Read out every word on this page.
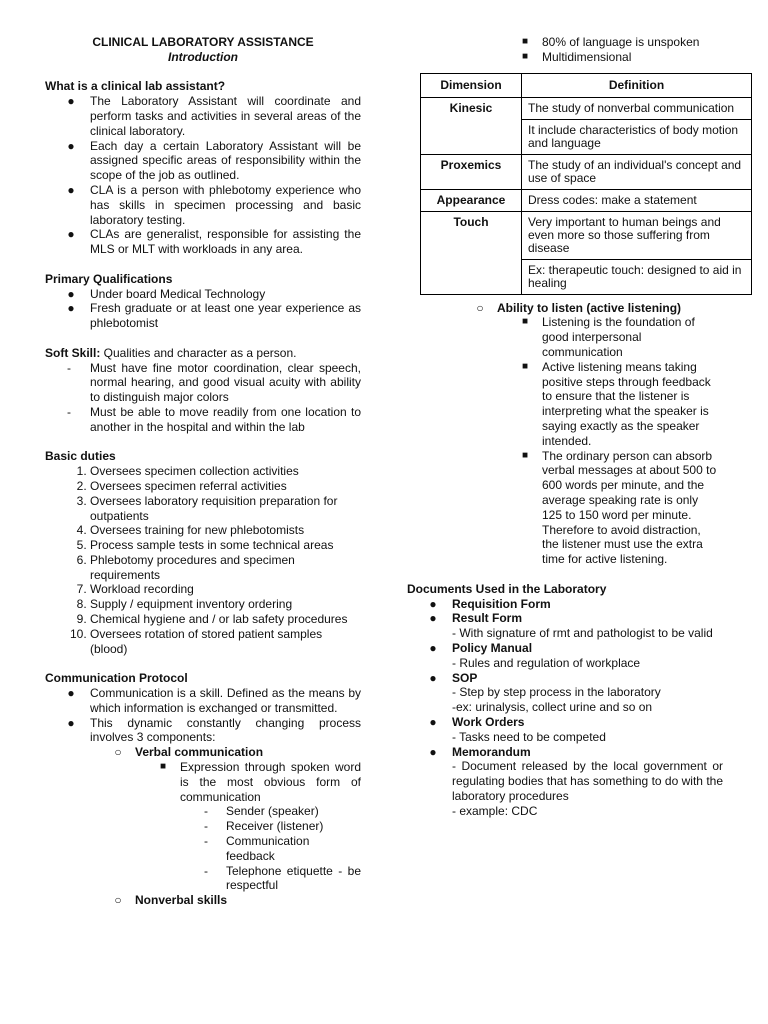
CLINICAL LABORATORY ASSISTANCE
Introduction
What is a clinical lab assistant?
● The Laboratory Assistant will coordinate and perform tasks and activities in several areas of the clinical laboratory.
● Each day a certain Laboratory Assistant will be assigned specific areas of responsibility within the scope of the job as outlined.
● CLA is a person with phlebotomy experience who has skills in specimen processing and basic laboratory testing.
● CLAs are generalist, responsible for assisting the MLS or MLT with workloads in any area.
Primary Qualifications
● Under board Medical Technology
● Fresh graduate or at least one year experience as phlebotomist
Soft Skill: Qualities and character as a person.
- Must have fine motor coordination, clear speech, normal hearing, and good visual acuity with ability to distinguish major colors
- Must be able to move readily from one location to another in the hospital and within the lab
Basic duties
1. Oversees specimen collection activities
2. Oversees specimen referral activities
3. Oversees laboratory requisition preparation for outpatients
4. Oversees training for new phlebotomists
5. Process sample tests in some technical areas
6. Phlebotomy procedures and specimen requirements
7. Workload recording
8. Supply / equipment inventory ordering
9. Chemical hygiene and / or lab safety procedures
10. Oversees rotation of stored patient samples (blood)
Communication Protocol
● Communication is a skill. Defined as the means by which information is exchanged or transmitted.
● This dynamic constantly changing process involves 3 components:
○ Verbal communication
■	Expression through spoken word is the most obvious form of communication
- Sender (speaker)
- Receiver (listener)
- Communication feedback
- Telephone etiquette - be respectful
○ Nonverbal skills
■	80% of language is unspoken
■	Multidimensional
Dimension	Definition
Kinesic	The study of nonverbal communication
	It include characteristics of body motion and language
Proxemics	The study of an individual's concept and use of space
Appearance	Dress codes: make a statement
Touch	Very important to human beings and even more so those suffering from disease
	Ex: therapeutic touch: designed to aid in healing
○ Ability to listen (active listening)
■	Listening is the foundation of good interpersonal communication
■	Active listening means taking positive steps through feedback to ensure that the listener is interpreting what the speaker is saying exactly as the speaker intended.
■	The ordinary person can absorb verbal messages at about 500 to 600 words per minute, and the average speaking rate is only 125 to 150 word per minute. Therefore to avoid distraction, the listener must use the extra time for active listening.
Documents Used in the Laboratory
● Requisition Form
● Result Form
- With signature of rmt and pathologist to be valid
● Policy Manual
- Rules and regulation of workplace
● SOP
- Step by step process in the laboratory
-ex: urinalysis, collect urine and so on
● Work Orders
- Tasks need to be competed
● Memorandum
- Document released by the local government or regulating bodies that has something to do with the laboratory procedures
- example: CDC
